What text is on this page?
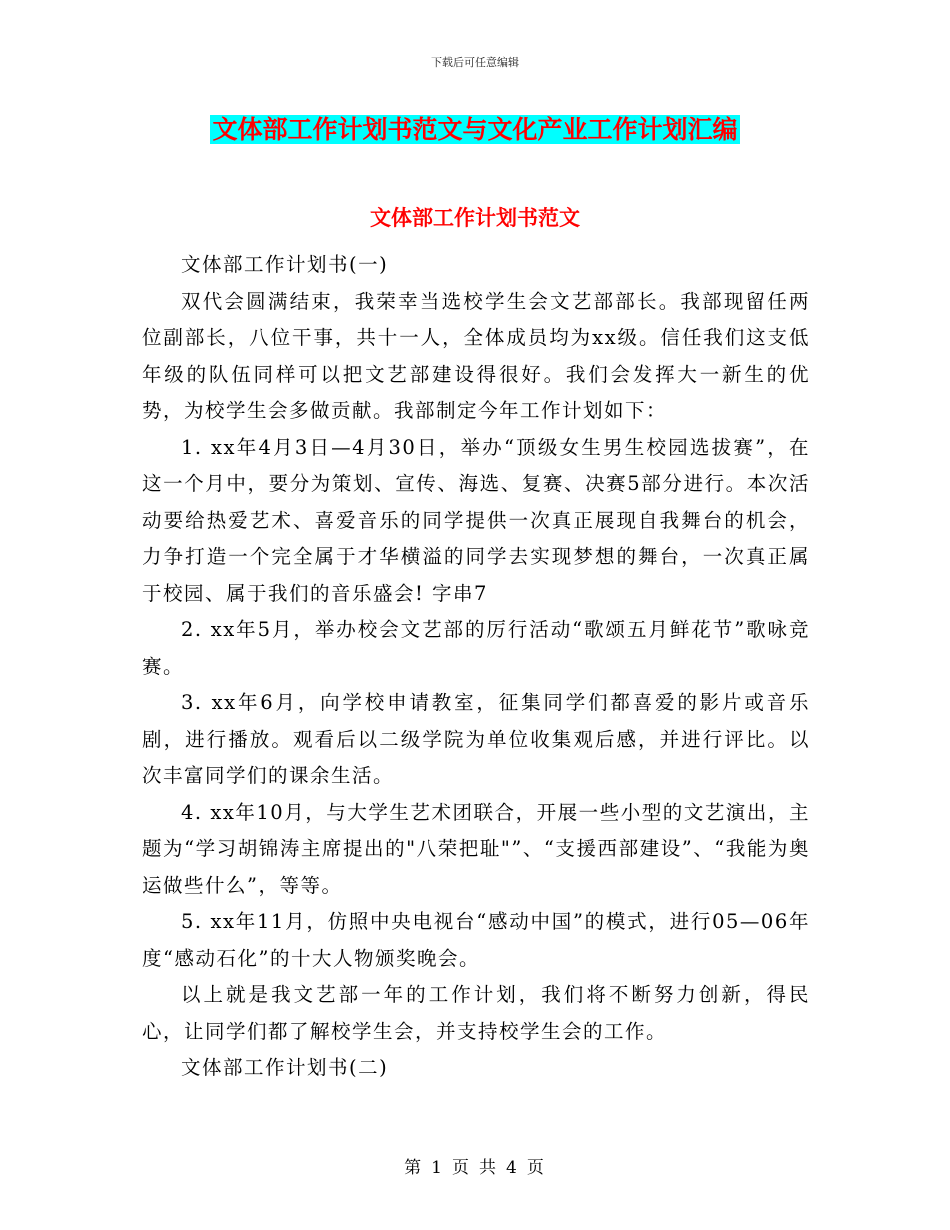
下载后可任意编辑
文体部工作计划书范文与文化产业工作计划汇编
文体部工作计划书范文

文体部工作计划书(一)

双代会圆满结束，我荣幸当选校学生会文艺部部长。我部现留任两位副部长，八位干事，共十一人，全体成员均为xx级。信任我们这支低年级的队伍同样可以把文艺部建设得很好。我们会发挥大一新生的优势，为校学生会多做贡献。我部制定今年工作计划如下：

1. xx年4月3日—4月30日，举办“顶级女生男生校园选拔赛”，在这一个月中，要分为策划、宣传、海选、复赛、决赛5部分进行。本次活动要给热爱艺术、喜爱音乐的同学提供一次真正展现自我舞台的机会，力争打造一个完全属于才华横溢的同学去实现梦想的舞台，一次真正属于校园、属于我们的音乐盛会! 字串7

2. xx年5月，举办校会文艺部的厉行活动“歌颂五月鲜花节”歌咏竞赛。

3. xx年6月，向学校申请教室，征集同学们都喜爱的影片或音乐剧，进行播放。观看后以二级学院为单位收集观后感，并进行评比。以次丰富同学们的课余生活。

4. xx年10月，与大学生艺术团联合，开展一些小型的文艺演出，主题为“学习胡锦涛主席提出的"八荣把耻"”、“支援西部建设”、“我能为奥运做些什么”，等等。

5. xx年11月，仿照中央电视台“感动中国”的模式，进行05—06年度“感动石化”的十大人物颁奖晚会。

以上就是我文艺部一年的工作计划，我们将不断努力创新，得民心，让同学们都了解校学生会，并支持校学生会的工作。

文体部工作计划书(二)

第 1 页 共 4 页
